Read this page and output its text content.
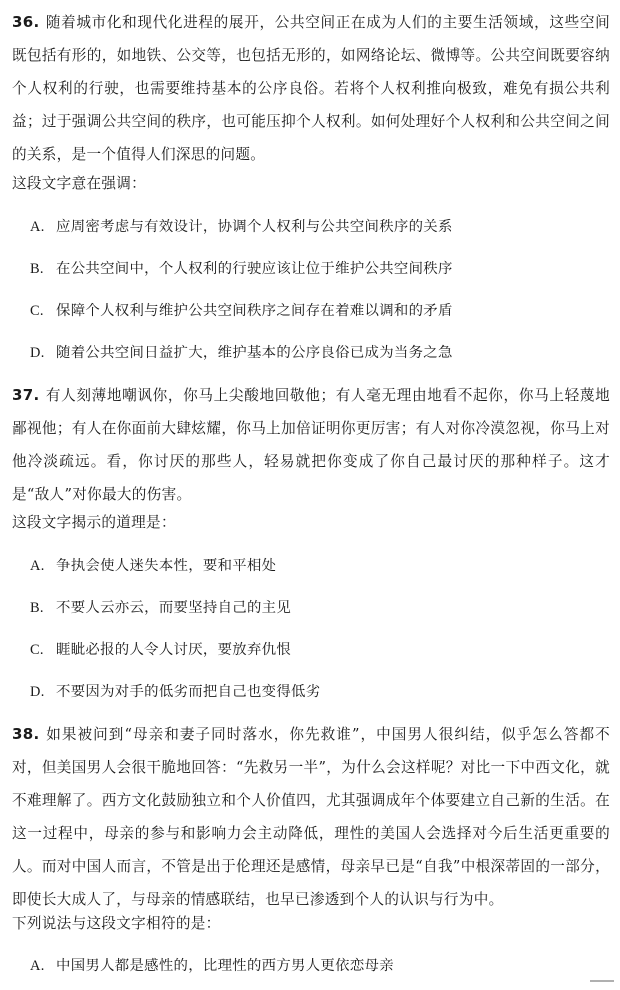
36. 随着城市化和现代化进程的展开，公共空间正在成为人们的主要生活领域，这些空间既包括有形的，如地铁、公交等，也包括无形的，如网络论坛、微博等。公共空间既要容纳个人权利的行驶，也需要维持基本的公序良俗。若将个人权利推向极致，难免有损公共利益；过于强调公共空间的秩序，也可能压抑个人权利。如何处理好个人权利和公共空间之间的关系，是一个值得人们深思的问题。

这段文字意在强调：

A. 应周密考虑与有效设计，协调个人权利与公共空间秩序的关系

B. 在公共空间中，个人权利的行驶应该让位于维护公共空间秩序

C. 保障个人权利与维护公共空间秩序之间存在着难以调和的矛盾

D. 随着公共空间日益扩大，维护基本的公序良俗已成为当务之急

37. 有人刻薄地嘲讽你，你马上尖酸地回敬他；有人毫无理由地看不起你，你马上轻蔑地鄙视他；有人在你面前大肆炫耀，你马上加倍证明你更厉害；有人对你冷漠忽视，你马上对他冷淡疏远。看，你讨厌的那些人，轻易就把你变成了你自己最讨厌的那种样子。这才是“敌人”对你最大的伤害。

这段文字揭示的道理是：

A. 争执会使人迷失本性，要和平相处

B. 不要人云亦云，而要坚持自己的主见

C. 睚眦必报的人令人讨厌，要放弃仇恨

D. 不要因为对手的低劣而把自己也变得低劣

38. 如果被问到“母亲和妻子同时落水，你先救谁”，中国男人很纠结，似乎怎么答都不对，但美国男人会很干脆地回答：“先救另一半”，为什么会这样呢？对比一下中西文化，就不难理解了。西方文化鼓励独立和个人价值四，尤其强调成年个体要建立自己新的生活。在这一过程中，母亲的参与和影响力会主动降低，理性的美国人会选择对今后生活更重要的人。而对中国人而言，不管是出于伦理还是感情，母亲早已是“自我”中根深蒂固的一部分，即使长大成人了，与母亲的情感联结，也早已渗透到个人的认识与行为中。

下列说法与这段文字相符的是：

A. 中国男人都是感性的，比理性的西方男人更依恋母亲
